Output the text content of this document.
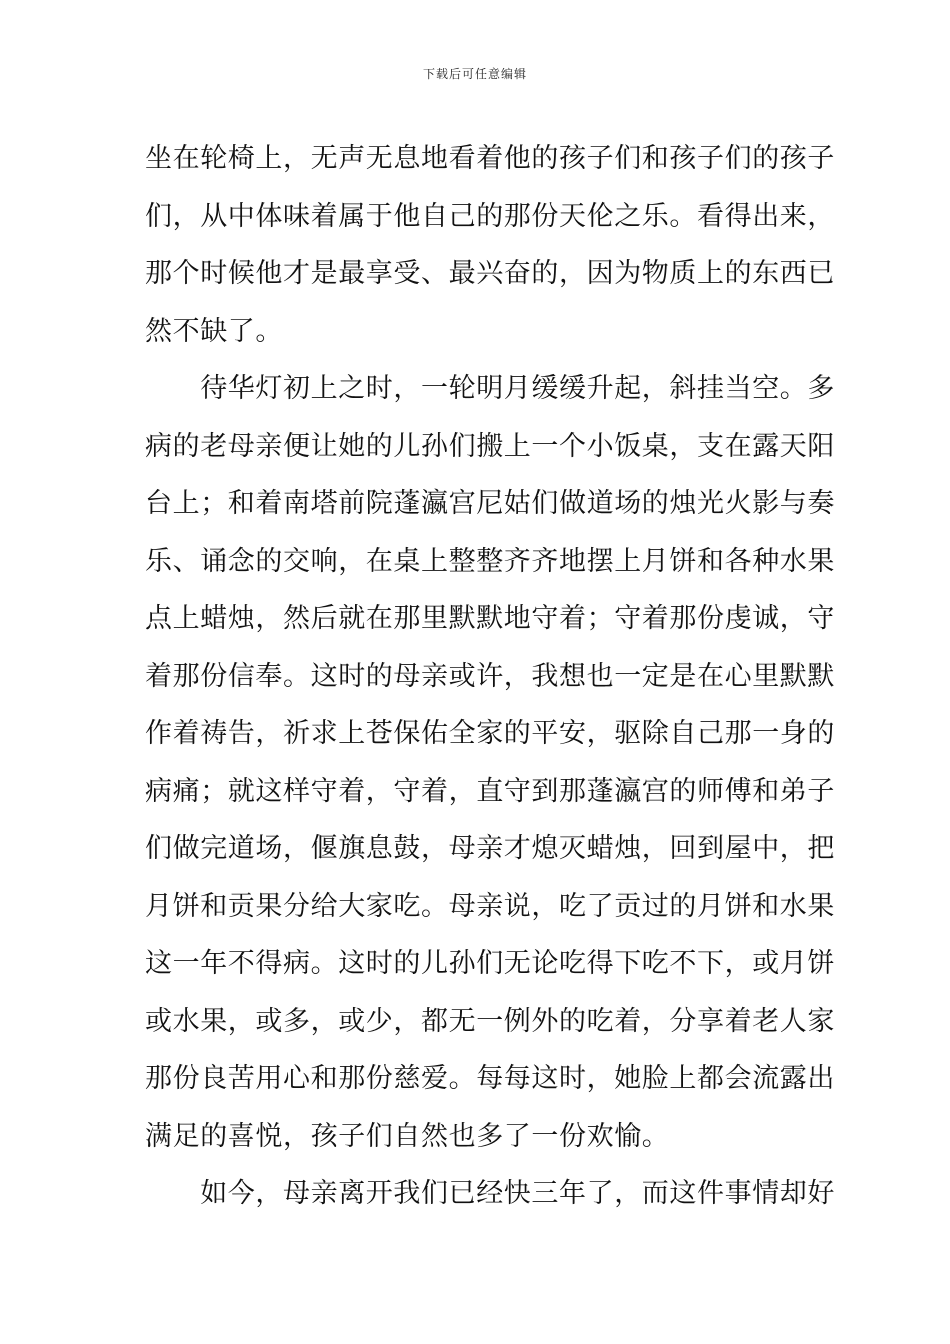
下载后可任意编辑
坐在轮椅上，无声无息地看着他的孩子们和孩子们的孩子
们，从中体味着属于他自己的那份天伦之乐。看得出来，
那个时候他才是最享受、最兴奋的，因为物质上的东西已
然不缺了。
　　待华灯初上之时，一轮明月缓缓升起，斜挂当空。多
病的老母亲便让她的儿孙们搬上一个小饭桌，支在露天阳
台上；和着南塔前院蓬瀛宫尼姑们做道场的烛光火影与奏
乐、诵念的交响，在桌上整整齐齐地摆上月饼和各种水果
点上蜡烛，然后就在那里默默地守着；守着那份虔诚，守
着那份信奉。这时的母亲或许，我想也一定是在心里默默
作着祷告，祈求上苍保佑全家的平安，驱除自己那一身的
病痛；就这样守着，守着，直守到那蓬瀛宫的师傅和弟子
们做完道场，偃旗息鼓，母亲才熄灭蜡烛，回到屋中，把
月饼和贡果分给大家吃。母亲说，吃了贡过的月饼和水果
这一年不得病。这时的儿孙们无论吃得下吃不下，或月饼
或水果，或多，或少，都无一例外的吃着，分享着老人家
那份良苦用心和那份慈爱。每每这时，她脸上都会流露出
满足的喜悦，孩子们自然也多了一份欢愉。
　　如今，母亲离开我们已经快三年了，而这件事情却好
